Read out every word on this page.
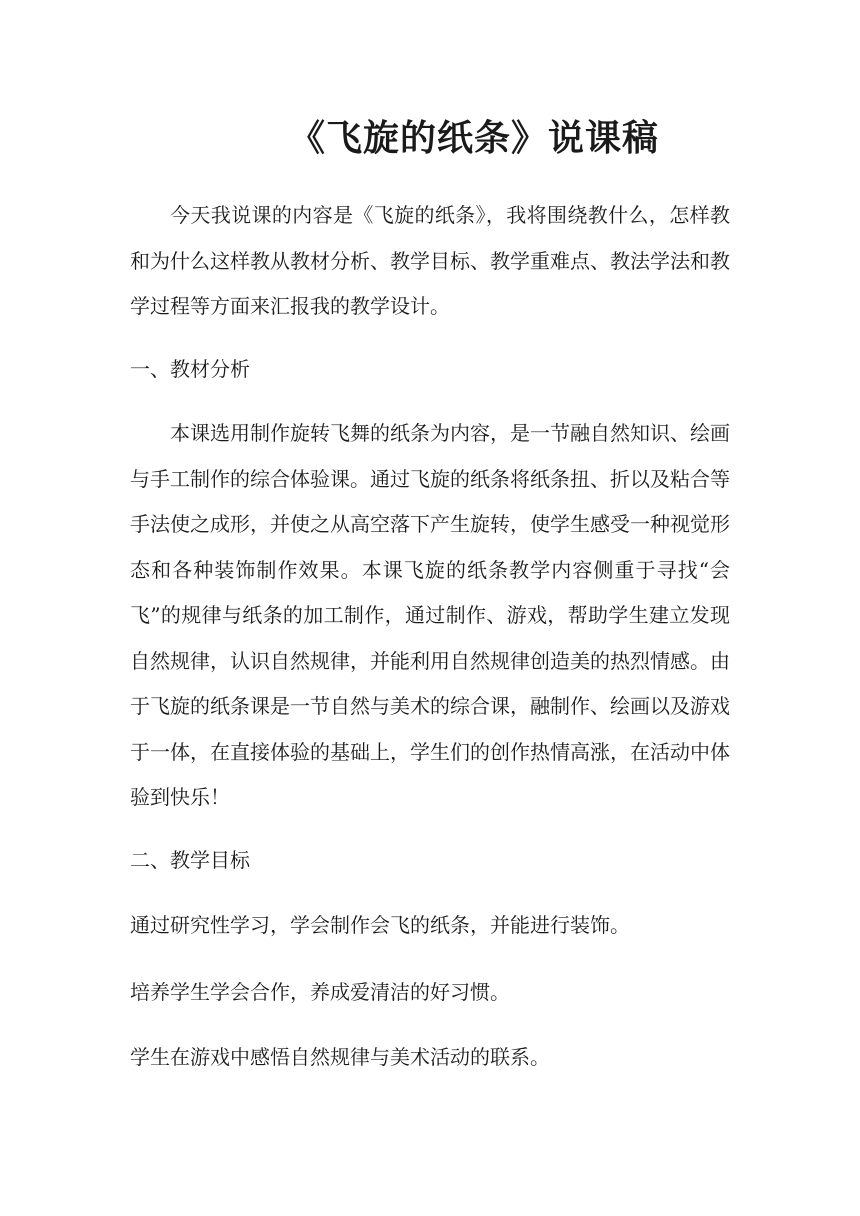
《飞旋的纸条》说课稿
今天我说课的内容是《飞旋的纸条》，我将围绕教什么，怎样教和为什么这样教从教材分析、教学目标、教学重难点、教法学法和教学过程等方面来汇报我的教学设计。
一、教材分析
本课选用制作旋转飞舞的纸条为内容，是一节融自然知识、绘画与手工制作的综合体验课。通过飞旋的纸条将纸条扭、折以及粘合等手法使之成形，并使之从高空落下产生旋转，使学生感受一种视觉形态和各种装饰制作效果。本课飞旋的纸条教学内容侧重于寻找“会飞”的规律与纸条的加工制作，通过制作、游戏，帮助学生建立发现自然规律，认识自然规律，并能利用自然规律创造美的热烈情感。由于飞旋的纸条课是一节自然与美术的综合课，融制作、绘画以及游戏于一体，在直接体验的基础上，学生们的创作热情高涨，在活动中体验到快乐！
二、教学目标
通过研究性学习，学会制作会飞的纸条，并能进行装饰。
培养学生学会合作，养成爱清洁的好习惯。
学生在游戏中感悟自然规律与美术活动的联系。
